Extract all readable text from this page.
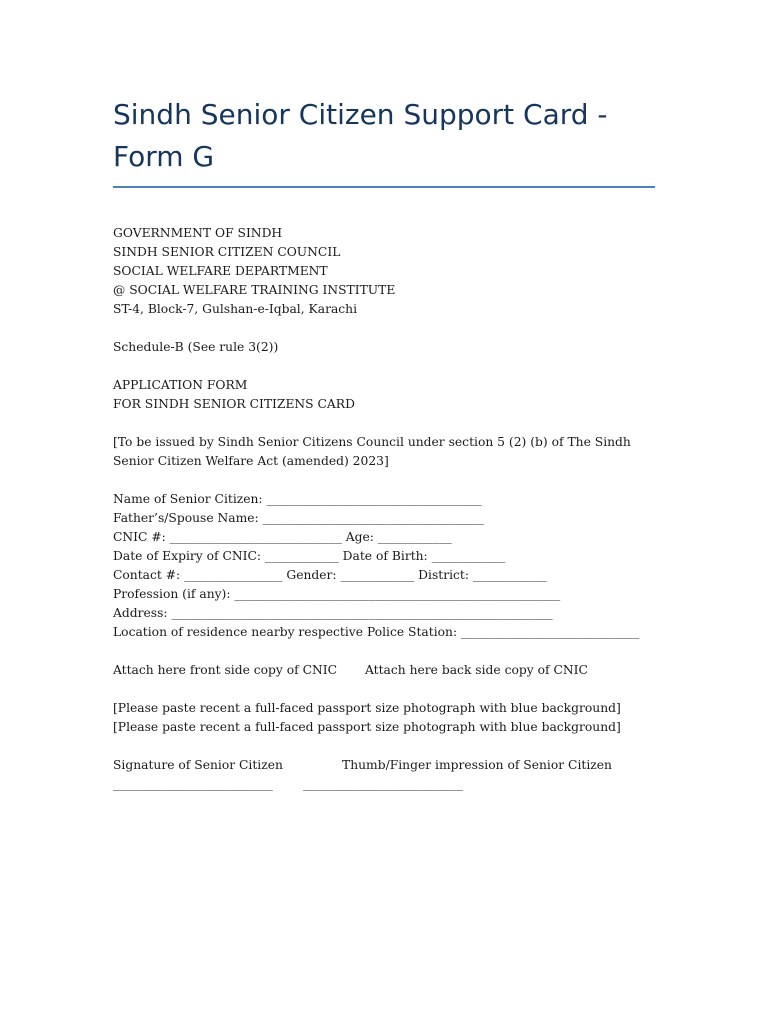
Sindh Senior Citizen Support Card -
Form G
GOVERNMENT OF SINDH
SINDH SENIOR CITIZEN COUNCIL
SOCIAL WELFARE DEPARTMENT
@ SOCIAL WELFARE TRAINING INSTITUTE
ST-4, Block-7, Gulshan-e-Iqbal, Karachi
Schedule-B (See rule 3(2))
APPLICATION FORM
FOR SINDH SENIOR CITIZENS CARD
[To be issued by Sindh Senior Citizens Council under section 5 (2) (b) of The Sindh Senior Citizen Welfare Act (amended) 2023]
Name of Senior Citizen: ___________________________________
Father’s/Spouse Name: ____________________________________
CNIC #: ____________________________ Age: ____________
Date of Expiry of CNIC: ____________ Date of Birth: ____________
Contact #: ________________ Gender: ____________ District: ____________
Profession (if any): _____________________________________________________
Address: ______________________________________________________________
Location of residence nearby respective Police Station: _____________________________
Attach here front side copy of CNIC	Attach here back side copy of CNIC
[Please paste recent a full-faced passport size photograph with blue background]
[Please paste recent a full-faced passport size photograph with blue background]
Signature of Senior Citizen	Thumb/Finger impression of Senior Citizen
__________________________	__________________________
